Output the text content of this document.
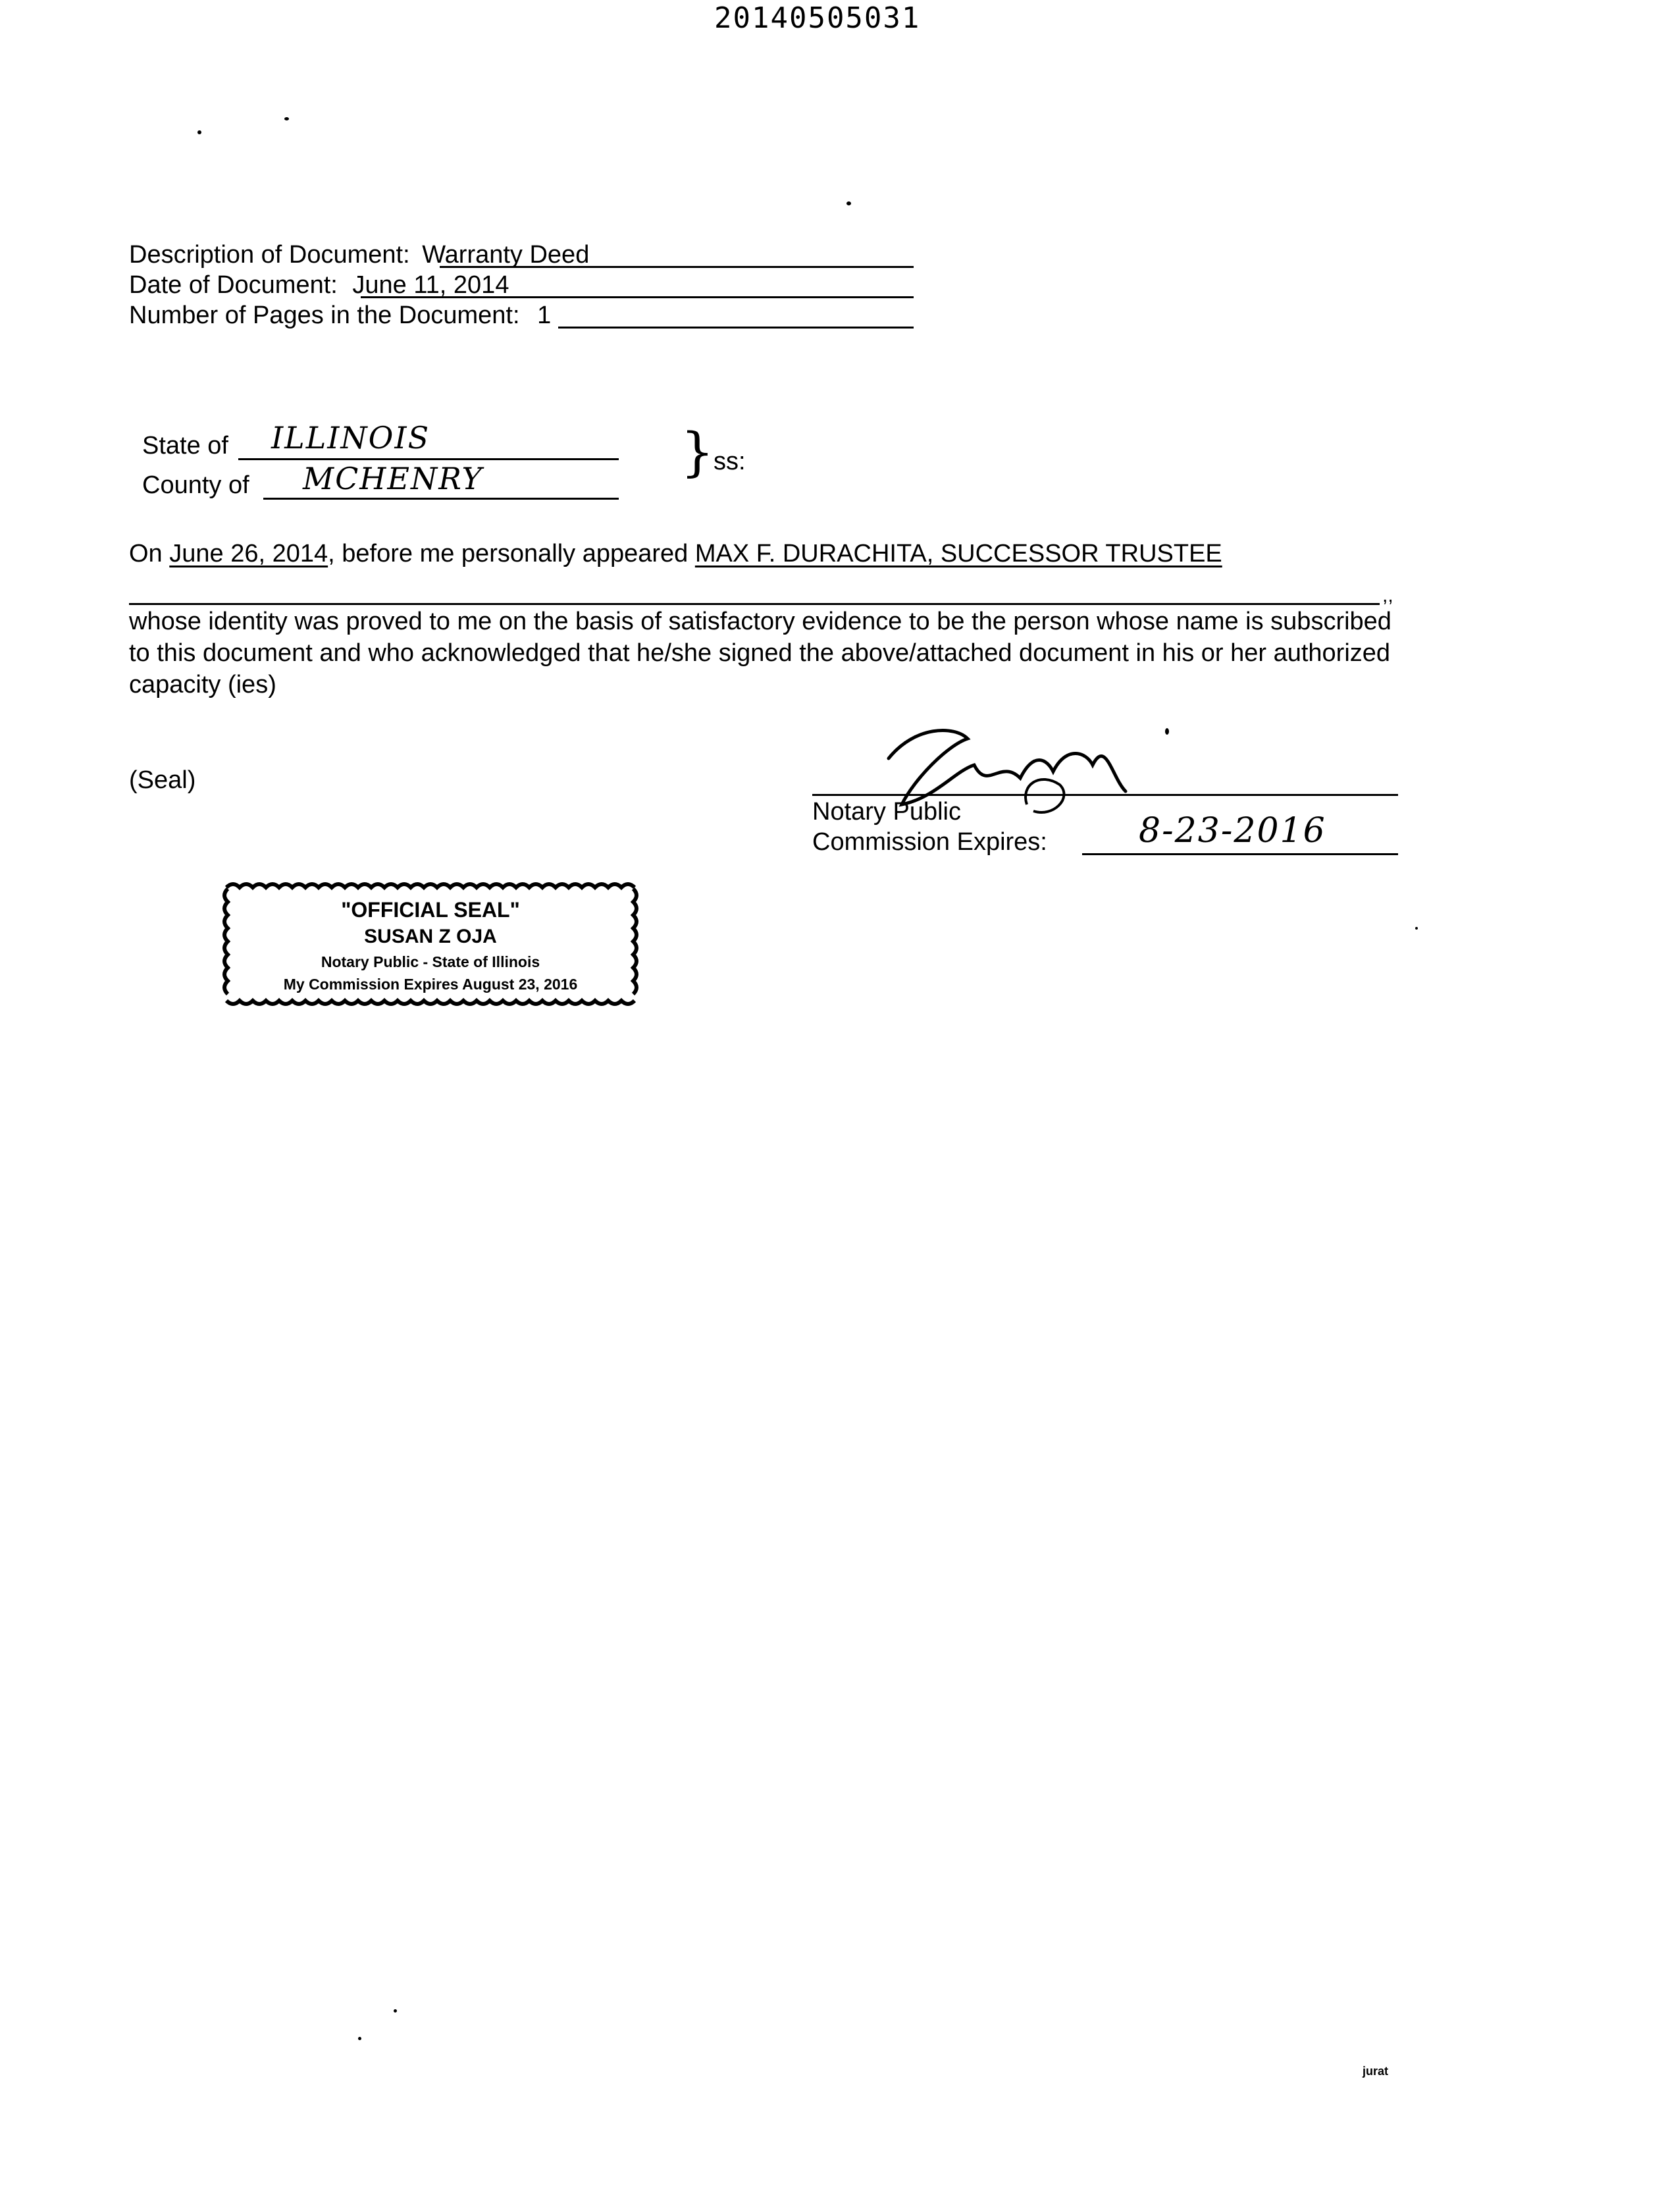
20140505031
Description of Document: Warranty Deed
Date of Document: June 11, 2014
Number of Pages in the Document: 1
State of ILLINOIS
County of MCHENRY	} ss:
On June 26, 2014, before me personally appeared MAX F. DURACHITA, SUCCESSOR TRUSTEE
,,
whose identity was proved to me on the basis of satisfactory evidence to be the person whose name is subscribed to this document and who acknowledged that he/she signed the above/attached document in his or her authorized capacity (ies)
(Seal)
Notary Public
Commission Expires:	8-23-2016
"OFFICIAL SEAL"
SUSAN Z OJA
Notary Public - State of Illinois
My Commission Expires August 23, 2016
jurat
